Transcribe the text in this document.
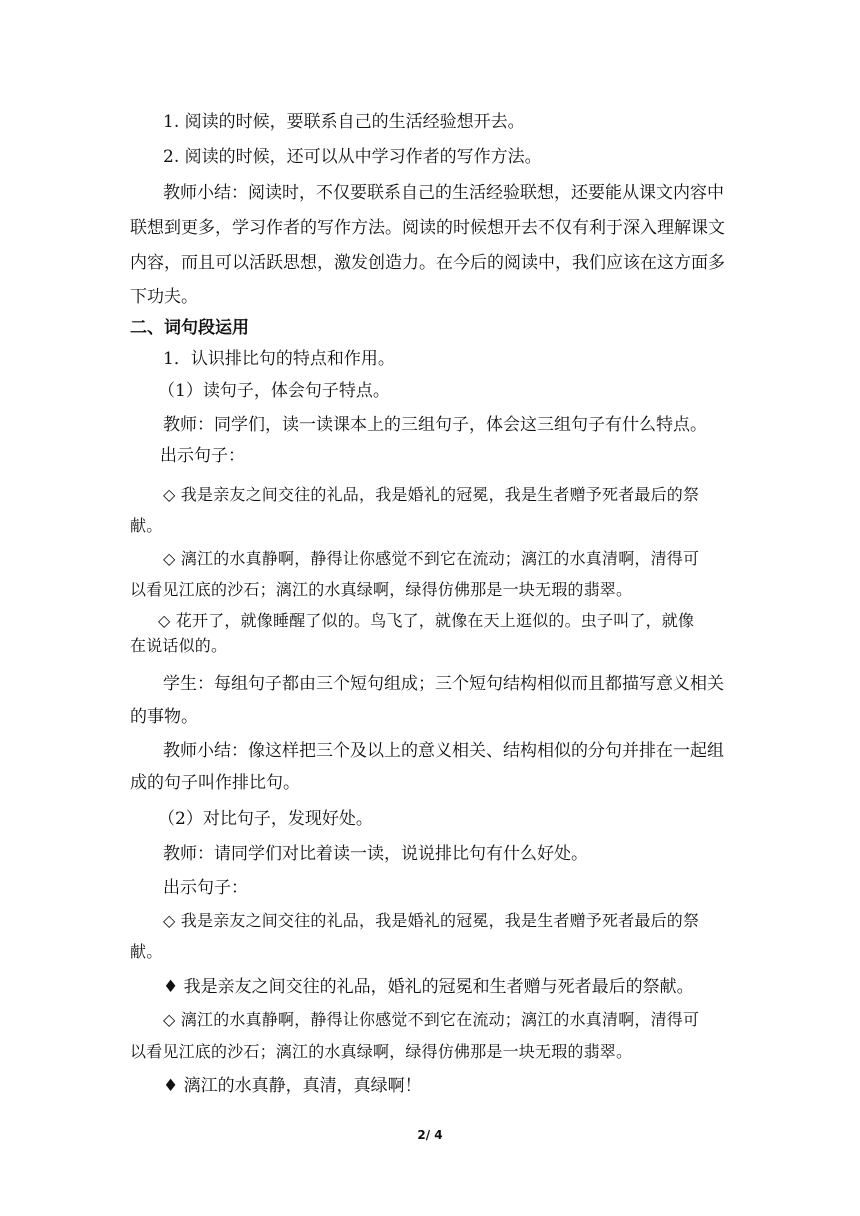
1. 阅读的时候，要联系自己的生活经验想开去。
2. 阅读的时候，还可以从中学习作者的写作方法。
教师小结：阅读时，不仅要联系自己的生活经验联想，还要能从课文内容中
联想到更多，学习作者的写作方法。阅读的时候想开去不仅有利于深入理解课文
内容，而且可以活跃思想，激发创造力。在今后的阅读中，我们应该在这方面多
下功夫。
二、词句段运用
1．认识排比句的特点和作用。
（1）读句子，体会句子特点。
教师：同学们，读一读课本上的三组句子，体会这三组句子有什么特点。
出示句子：
◇ 我是亲友之间交往的礼品，我是婚礼的冠冕，我是生者赠予死者最后的祭
献。
◇ 漓江的水真静啊，静得让你感觉不到它在流动；漓江的水真清啊，清得可
以看见江底的沙石；漓江的水真绿啊，绿得仿佛那是一块无瑕的翡翠。
◇ 花开了，就像睡醒了似的。鸟飞了，就像在天上逛似的。虫子叫了，就像
在说话似的。
学生：每组句子都由三个短句组成；三个短句结构相似而且都描写意义相关
的事物。
教师小结：像这样把三个及以上的意义相关、结构相似的分句并排在一起组
成的句子叫作排比句。
（2）对比句子，发现好处。
教师：请同学们对比着读一读，说说排比句有什么好处。
出示句子：
◇ 我是亲友之间交往的礼品，我是婚礼的冠冕，我是生者赠予死者最后的祭
献。
♦ 我是亲友之间交往的礼品，婚礼的冠冕和生者赠与死者最后的祭献。
◇ 漓江的水真静啊，静得让你感觉不到它在流动；漓江的水真清啊，清得可
以看见江底的沙石；漓江的水真绿啊，绿得仿佛那是一块无瑕的翡翠。
♦ 漓江的水真静，真清，真绿啊！
2/ 4
